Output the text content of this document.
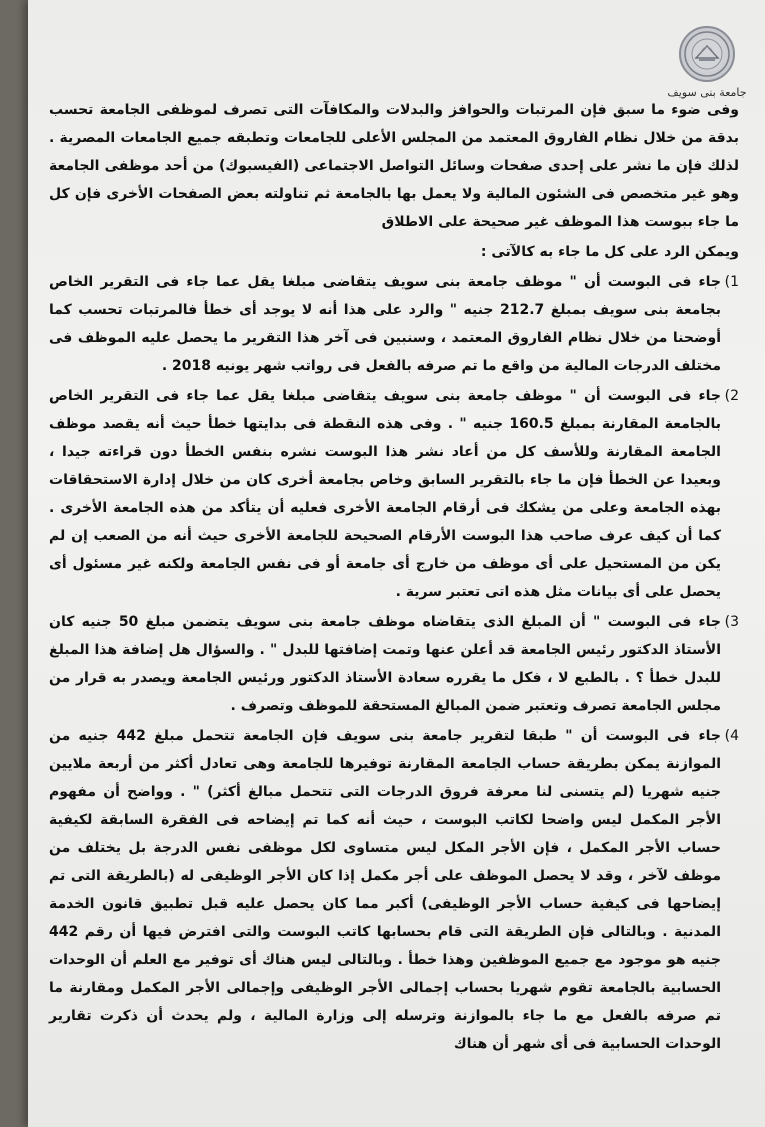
جامعة بنى سويف

وفى ضوء ما سبق فإن المرتبات والحوافز والبدلات والمكافآت التى تصرف لموظفى الجامعة تحسب بدقة من خلال نظام الفاروق المعتمد من المجلس الأعلى للجامعات وتطبقه جميع الجامعات المصرية . لذلك فإن ما نشر على إحدى صفحات وسائل التواصل الاجتماعى (الفيسبوك) من أحد موظفى الجامعة وهو غير متخصص فى الشئون المالية ولا يعمل بها بالجامعة ثم تناولته بعض الصفحات الأخرى فإن كل ما جاء ببوست هذا الموظف غير صحيحة على الاطلاق

ويمكن الرد على كل ما جاء به كالآتى :

1)
جاء فى البوست أن " موظف جامعة بنى سويف يتقاضى مبلغا يقل عما جاء فى التقرير الخاص بجامعة بنى سويف بمبلغ 212.7 جنيه " والرد على هذا أنه لا يوجد أى خطأ فالمرتبات تحسب كما أوضحنا من خلال نظام الفاروق المعتمد ، وسنبين فى آخر هذا التقرير ما يحصل عليه الموظف فى مختلف الدرجات المالية من واقع ما تم صرفه بالفعل فى رواتب شهر يونيه 2018 .
2)
جاء فى البوست أن " موظف جامعة بنى سويف يتقاضى مبلغا يقل عما جاء فى التقرير الخاص بالجامعة المقارنة بمبلغ 160.5 جنيه " . وفى هذه النقطة فى بدايتها خطأ حيث أنه يقصد موظف الجامعة المقارنة وللأسف كل من أعاد نشر هذا البوست نشره بنفس الخطأ دون قراءته جيدا ، وبعيدا عن الخطأ فإن ما جاء بالتقرير السابق وخاص بجامعة أخرى كان من خلال إدارة الاستحقاقات بهذه الجامعة وعلى من يشكك فى أرقام الجامعة الأخرى فعليه أن يتأكد من هذه الجامعة الأخرى . كما أن كيف عرف صاحب هذا البوست الأرقام الصحيحة للجامعة الأخرى حيث أنه من الصعب إن لم يكن من المستحيل على أى موظف من خارج أى جامعة أو فى نفس الجامعة ولكنه غير مسئول أى يحصل على أى بيانات مثل هذه اتى تعتبر سرية .
3)
جاء فى البوست " أن المبلغ الذى يتقاضاه موظف جامعة بنى سويف يتضمن مبلغ 50 جنيه كان الأستاذ الدكتور رئيس الجامعة قد أعلن عنها وتمت إضافتها للبدل " . والسؤال هل إضافة هذا المبلغ للبدل خطأ ؟ . بالطبع لا ، فكل ما يقرره سعادة الأستاذ الدكتور ورئيس الجامعة ويصدر به قرار من مجلس الجامعة تصرف وتعتبر ضمن المبالغ المستحقة للموظف وتصرف .
4)
جاء فى البوست أن " طبقا لتقرير جامعة بنى سويف فإن الجامعة تتحمل مبلغ 442 جنيه من الموازنة يمكن بطريقة حساب الجامعة المقارنة توفيرها للجامعة وهى تعادل أكثر من أربعة ملايين جنيه شهريا (لم يتسنى لنا معرفة فروق الدرجات التى تتحمل مبالغ أكثر) " . وواضح أن مفهوم الأجر المكمل ليس واضحا لكاتب البوست ، حيث أنه كما تم إيضاحه فى الفقرة السابقة لكيفية حساب الأجر المكمل ، فإن الأجر المكل ليس متساوى لكل موظفى نفس الدرجة بل يختلف من موظف لآخر ، وقد لا يحصل الموظف على أجر مكمل إذا كان الأجر الوظيفى له (بالطريقة التى تم إيضاحها فى كيفية حساب الأجر الوظيفى) أكبر مما كان يحصل عليه قبل تطبيق قانون الخدمة المدنية . وبالتالى فإن الطريقة التى قام بحسابها كاتب البوست والتى افترض فيها أن رقم 442 جنيه هو موجود مع جميع الموظفين وهذا خطأ . وبالتالى ليس هناك أى توفير مع العلم أن الوحدات الحسابية بالجامعة تقوم شهريا بحساب إجمالى الأجر الوظيفى وإجمالى الأجر المكمل ومقارنة ما تم صرفه بالفعل مع ما جاء بالموازنة وترسله إلى وزارة المالية ، ولم يحدث أن ذكرت تقارير الوحدات الحسابية فى أى شهر أن هناك
